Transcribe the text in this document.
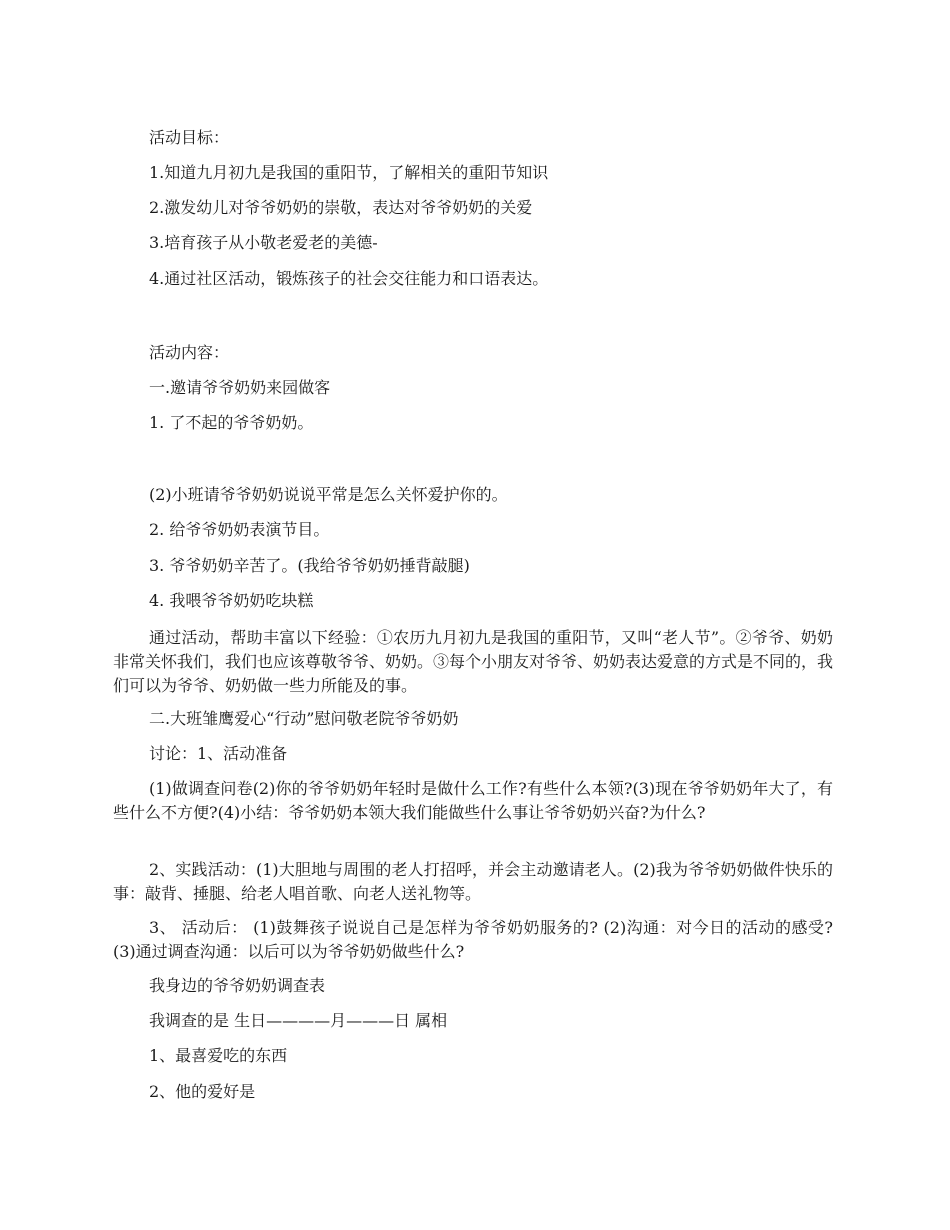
活动目标：
1.知道九月初九是我国的重阳节，了解相关的重阳节知识
2.激发幼儿对爷爷奶奶的崇敬，表达对爷爷奶奶的关爱
3.培育孩子从小敬老爱老的美德-
4.通过社区活动，锻炼孩子的社会交往能力和口语表达。
活动内容：
一.邀请爷爷奶奶来园做客
1. 了不起的爷爷奶奶。
(2)小班请爷爷奶奶说说平常是怎么关怀爱护你的。
2. 给爷爷奶奶表演节目。
3. 爷爷奶奶辛苦了。(我给爷爷奶奶捶背敲腿)
4. 我喂爷爷奶奶吃块糕
通过活动，帮助丰富以下经验：①农历九月初九是我国的重阳节，又叫“老人节”。②爷爷、奶奶非常关怀我们，我们也应该尊敬爷爷、奶奶。③每个小朋友对爷爷、奶奶表达爱意的方式是不同的，我们可以为爷爷、奶奶做一些力所能及的事。
二.大班雏鹰爱心“行动”慰问敬老院爷爷奶奶
讨论：1、活动准备
(1)做调查问卷(2)你的爷爷奶奶年轻时是做什么工作?有些什么本领?(3)现在爷爷奶奶年大了，有些什么不方便?(4)小结：爷爷奶奶本领大我们能做些什么事让爷爷奶奶兴奋?为什么?
2、实践活动：(1)大胆地与周围的老人打招呼，并会主动邀请老人。(2)我为爷爷奶奶做件快乐的事：敲背、捶腿、给老人唱首歌、向老人送礼物等。
3、 活动后： (1)鼓舞孩子说说自己是怎样为爷爷奶奶服务的? (2)沟通：对今日的活动的感受? (3)通过调查沟通：以后可以为爷爷奶奶做些什么?
我身边的爷爷奶奶调查表
我调查的是 生日————月———日 属相
1、最喜爱吃的东西
2、他的爱好是
